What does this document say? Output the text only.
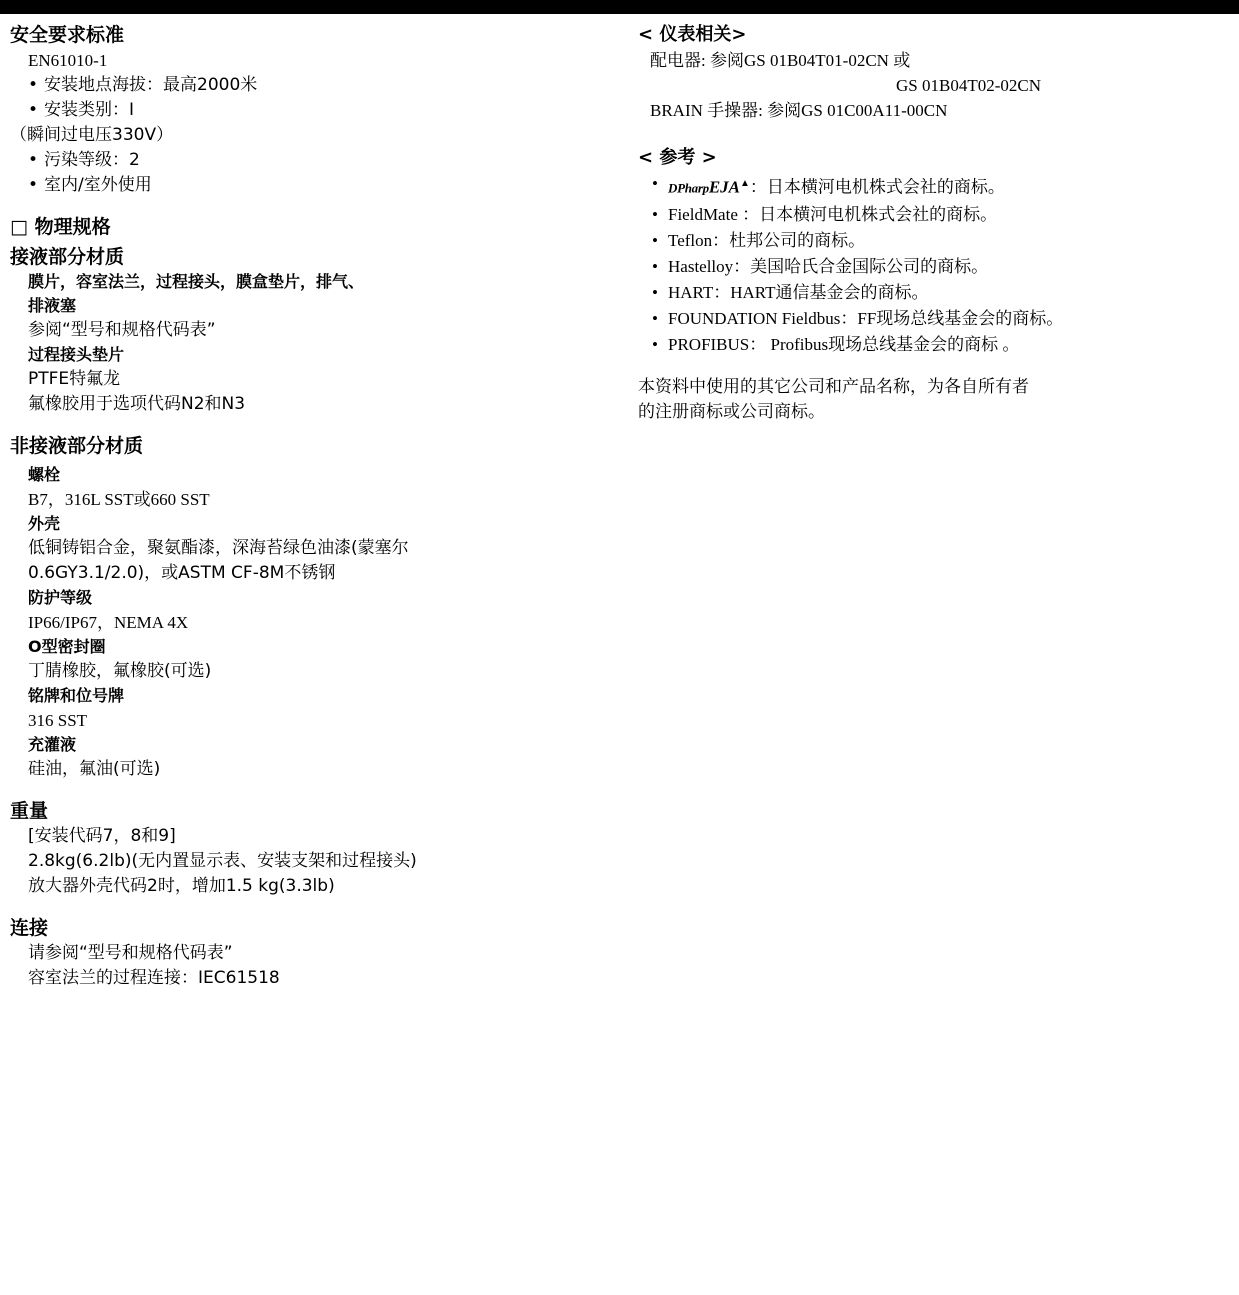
安全要求标准
EN61010-1
• 安装地点海拔：最高2000米
• 安装类别：Ⅰ
（瞬间过电压330V）
• 污染等级：2
• 室内/室外使用
□ 物理规格
接液部分材质
膜片，容室法兰，过程接头，膜盒垫片，排气、
排液塞
参阅“型号和规格代码表”
过程接头垫片
PTFE特氟龙
氟橡胶用于选项代码N2和N3
非接液部分材质
螺栓
B7，316L SST或660 SST
外壳
低铜铸铝合金，聚氨酯漆，深海苔绿色油漆(蒙塞尔
0.6GY3.1/2.0)，或ASTM CF-8M不锈钢
防护等级
IP66/IP67，NEMA 4X
O型密封圈
丁腈橡胶，氟橡胶(可选)
铭牌和位号牌
316 SST
充灌液
硅油，氟油(可选)
重量
[安装代码7，8和9]
2.8kg(6.2lb)(无内置显示表、安装支架和过程接头)
放大器外壳代码2时，增加1.5 kg(3.3lb)
连接
请参阅“型号和规格代码表”
容室法兰的过程连接：IEC61518
< 仪表相关>
配电器: 参阅GS 01B04T01-02CN 或
GS 01B04T02-02CN
BRAIN 手操器: 参阅GS 01C00A11-00CN
< 参考 >
• DPharpEJA▲：日本横河电机株式会社的商标。
• FieldMate ：日本横河电机株式会社的商标。
• Teflon：杜邦公司的商标。
• Hastelloy：美国哈氏合金国际公司的商标。
• HART：HART通信基金会的商标。
• FOUNDATION Fieldbus：FF现场总线基金会的商标。
• PROFIBUS： Profibus现场总线基金会的商标 。
本资料中使用的其它公司和产品名称，为各自所有者
的注册商标或公司商标。
